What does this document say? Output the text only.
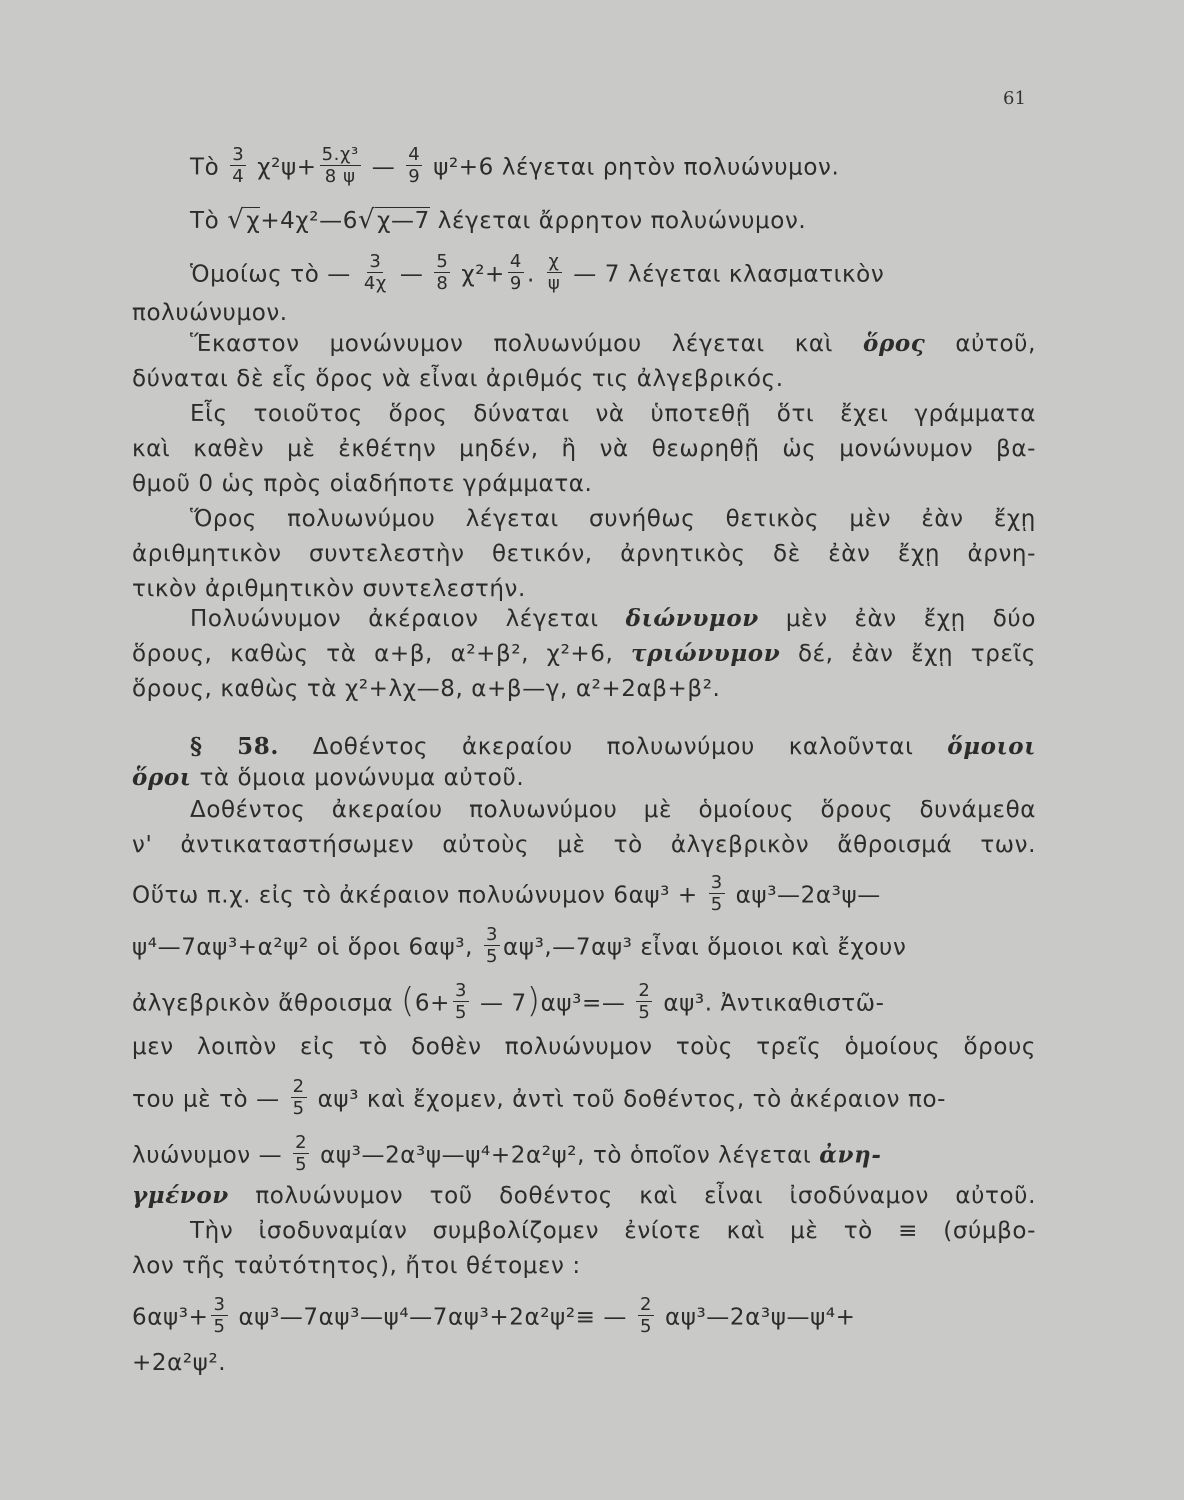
61
Τὸ $\frac{3}{4} \chi^2\psi+ \frac{\text{5.χ³}}{8 \psi}$ — $\frac{4}{9} \psi^2+6$ λέγεται ρητὸν πολυώνυμον.
Τὸ √χ+4χ²—6√χ—7 λέγεται ἄρρητον πολυώνυμον.
Ὁμοίως τὸ — $\frac{3}{4\chi}$ — $\frac{5}{8} \chi^2+ \frac{4}{9}$ . $\frac{\chi}{\psi}$ — 7 λέγεται κλασματικὸν
πολυώνυμον.
Ἕκαστον μονώνυμον πολυωνύμου λέγεται καὶ ὅρος αὐτοῦ,
δύναται δὲ εἷς ὅρος νὰ εἶναι ἀριθμός τις ἀλγεβρικός.
Εἷς τοιοῦτος ὅρος δύναται νὰ ὑποτεθῇ ὅτι ἔχει γράμματα
καὶ καθὲν μὲ ἐκθέτην μηδέν, ἢ νὰ θεωρηθῇ ὡς μονώνυμον βα-
θμοῦ 0 ὡς πρὸς οἱαδήποτε γράμματα.
Ὅρος πολυωνύμου λέγεται συνήθως θετικὸς μὲν ἐὰν ἔχῃ
ἀριθμητικὸν συντελεστὴν θετικόν, ἀρνητικὸς δὲ ἐὰν ἔχῃ ἀρνη-
τικὸν ἀριθμητικὸν συντελεστήν.
Πολυώνυμον ἀκέραιον λέγεται διώνυμον μὲν ἐὰν ἔχῃ δύο
ὅρους, καθὼς τὰ α+β, α²+β², χ²+6, τριώνυμον δέ, ἐὰν ἔχῃ τρεῖς
ὅρους, καθὼς τὰ χ²+λχ—8, α+β—γ, α²+2αβ+β².
§ 58. Δοθέντος ἀκεραίου πολυωνύμου καλοῦνται ὅμοιοι
ὅροι τὰ ὅμοια μονώνυμα αὐτοῦ.
Δοθέντος ἀκεραίου πολυωνύμου μὲ ὁμοίους ὅρους δυνάμεθα
ν' ἀντικαταστήσωμεν αὐτοὺς μὲ τὸ ἀλγεβρικὸν ἄθροισμά των.
Οὕτω π.χ. εἰς τὸ ἀκέραιον πολυώνυμον $6\alpha\psi^3 + \frac{3}{5}$ αψ³—2α³ψ—
ψ⁴—7αψ³+α²ψ² οἱ ὅροι 6αψ³, $\frac{3}{5}$ αψ³,—7αψ³ εἶναι ὅμοιοι καὶ ἔχουν
ἀλγεβρικὸν ἄθροισμα ($6+ \frac{3}{5}$ — 7)αψ³=— $\frac{2}{5} \alpha\psi^3$. Ἀντικαθιστῶ-
μεν λοιπὸν εἰς τὸ δοθὲν πολυώνυμον τοὺς τρεῖς ὁμοίους ὅρους
του μὲ τὸ — $\frac{2}{5} \alpha\psi^3$ καὶ ἔχομεν, ἀντὶ τοῦ δοθέντος, τὸ ἀκέραιον πο-
λυώνυμον — $\frac{2}{5}$ αψ³—2α³ψ—ψ⁴+2α²ψ², τὸ ὁποῖον λέγεται ἀνη-
γμένον πολυώνυμον τοῦ δοθέντος καὶ εἶναι ἰσοδύναμον αὐτοῦ.
Τὴν ἰσοδυναμίαν συμβολίζομεν ἐνίοτε καὶ μὲ τὸ ≡ (σύμβο-
λον τῆς ταὐτότητος), ἤτοι θέτομεν :
$6\alpha\psi^3+ \frac{3}{5}$ αψ³—7αψ³—ψ⁴—7αψ³+2α²ψ²≡ — $\frac{2}{5}$ αψ³—2α³ψ—ψ⁴+
+2α²ψ².
